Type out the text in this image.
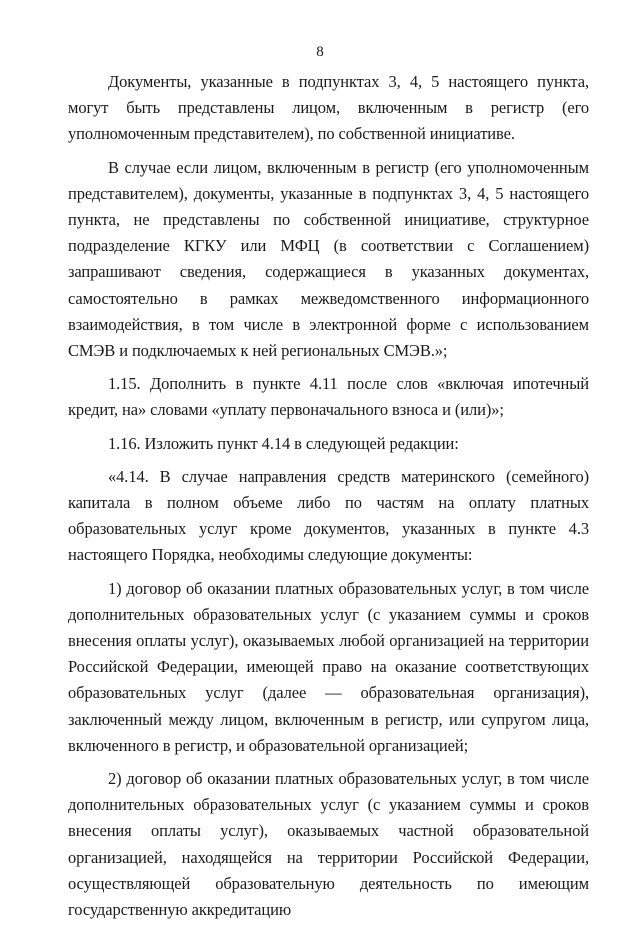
8

Документы, указанные в подпунктах 3, 4, 5 настоящего пункта, могут быть представлены лицом, включенным в регистр (его уполномоченным представителем), по собственной инициативе.

В случае если лицом, включенным в регистр (его уполномоченным представителем), документы, указанные в подпунктах 3, 4, 5 настоящего пункта, не представлены по собственной инициативе, структурное подразделение КГКУ или МФЦ (в соответствии с Соглашением) запрашивают сведения, содержащиеся в указанных документах, самостоятельно в рамках межведомственного информационного взаимодействия, в том числе в электронной форме с использованием СМЭВ и подключаемых к ней региональных СМЭВ.»;

1.15. Дополнить в пункте 4.11 после слов «включая ипотечный кредит, на» словами «уплату первоначального взноса и (или)»;

1.16. Изложить пункт 4.14 в следующей редакции:

«4.14. В случае направления средств материнского (семейного) капитала в полном объеме либо по частям на оплату платных образовательных услуг кроме документов, указанных в пункте 4.3 настоящего Порядка, необходимы следующие документы:

1) договор об оказании платных образовательных услуг, в том числе дополнительных образовательных услуг (с указанием суммы и сроков внесения оплаты услуг), оказываемых любой организацией на территории Российской Федерации, имеющей право на оказание соответствующих образовательных услуг (далее — образовательная организация), заключенный между лицом, включенным в регистр, или супругом лица, включенного в регистр, и образовательной организацией;

2) договор об оказании платных образовательных услуг, в том числе дополнительных образовательных услуг (с указанием суммы и сроков внесения оплаты услуг), оказываемых частной образовательной организацией, находящейся на территории Российской Федерации, осуществляющей образовательную деятельность по имеющим государственную аккредитацию
